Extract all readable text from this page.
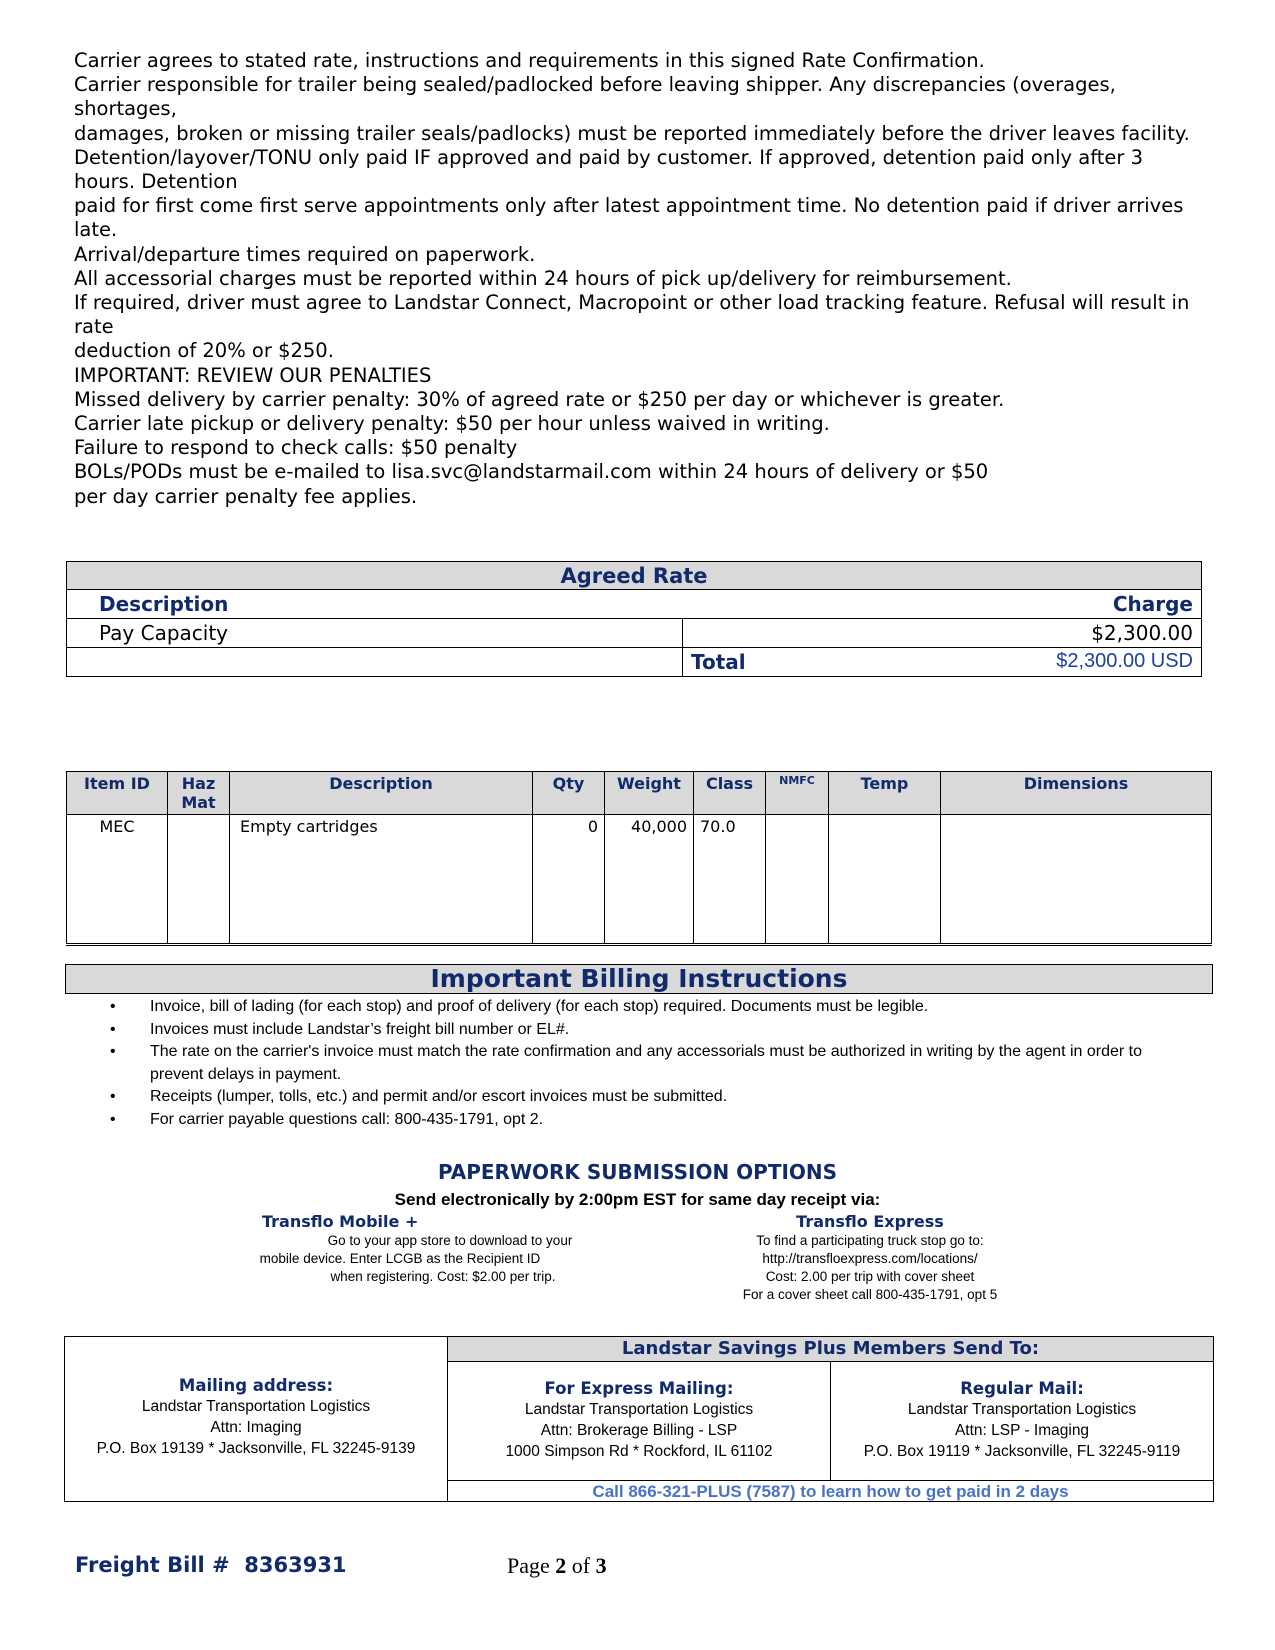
Carrier agrees to stated rate, instructions and requirements in this signed Rate Confirmation.
Carrier responsible for trailer being sealed/padlocked before leaving shipper. Any discrepancies (overages, shortages,
damages, broken or missing trailer seals/padlocks) must be reported immediately before the driver leaves facility.
Detention/layover/TONU only paid IF approved and paid by customer. If approved, detention paid only after 3 hours. Detention
paid for first come first serve appointments only after latest appointment time. No detention paid if driver arrives late.
Arrival/departure times required on paperwork.
All accessorial charges must be reported within 24 hours of pick up/delivery for reimbursement.
If required, driver must agree to Landstar Connect, Macropoint or other load tracking feature. Refusal will result in rate
deduction of 20% or $250.
IMPORTANT: REVIEW OUR PENALTIES
Missed delivery by carrier penalty: 30% of agreed rate or $250 per day or whichever is greater.
Carrier late pickup or delivery penalty: $50 per hour unless waived in writing.
Failure to respond to check calls: $50 penalty
BOLs/PODs must be e-mailed to lisa.svc@landstarmail.com within 24 hours of delivery or $50
per day carrier penalty fee applies.
Agreed Rate	
Description	Charge
Pay Capacity	$2,300.00
	Total $2,300.00 USD
Item ID	Haz Mat	Description	Qty	Weight	Class	NMFC	Temp	Dimensions
MEC		Empty cartridges	0	40,000	70.0			
Important Billing Instructions
• Invoice, bill of lading (for each stop) and proof of delivery (for each stop) required. Documents must be legible.
• Invoices must include Landstar’s freight bill number or EL#.
• The rate on the carrier's invoice must match the rate confirmation and any accessorials must be authorized in writing by the agent in order to prevent delays in payment.
• Receipts (lumper, tolls, etc.) and permit and/or escort invoices must be submitted.
• For carrier payable questions call: 800-435-1791, opt 2.
PAPERWORK SUBMISSION OPTIONS
Send electronically by 2:00pm EST for same day receipt via:
Transflo Mobile +
Go to your app store to download to your
mobile device. Enter LCGB as the Recipient ID
when registering. Cost: $2.00 per trip.
Transflo Express
To find a participating truck stop go to:
http://transfloexpress.com/locations/
Cost: 2.00 per trip with cover sheet
For a cover sheet call 800-435-1791, opt 5
Mailing address:
Landstar Transportation Logistics
Attn: Imaging
P.O. Box 19139 * Jacksonville, FL 32245-9139
Landstar Savings Plus Members Send To:
For Express Mailing:
Landstar Transportation Logistics
Attn: Brokerage Billing - LSP
1000 Simpson Rd * Rockford, IL 61102
Regular Mail:
Landstar Transportation Logistics
Attn: LSP - Imaging
P.O. Box 19119 * Jacksonville, FL 32245-9119
Call 866-321-PLUS (7587) to learn how to get paid in 2 days
Freight Bill # 8363931	Page 2 of 3
